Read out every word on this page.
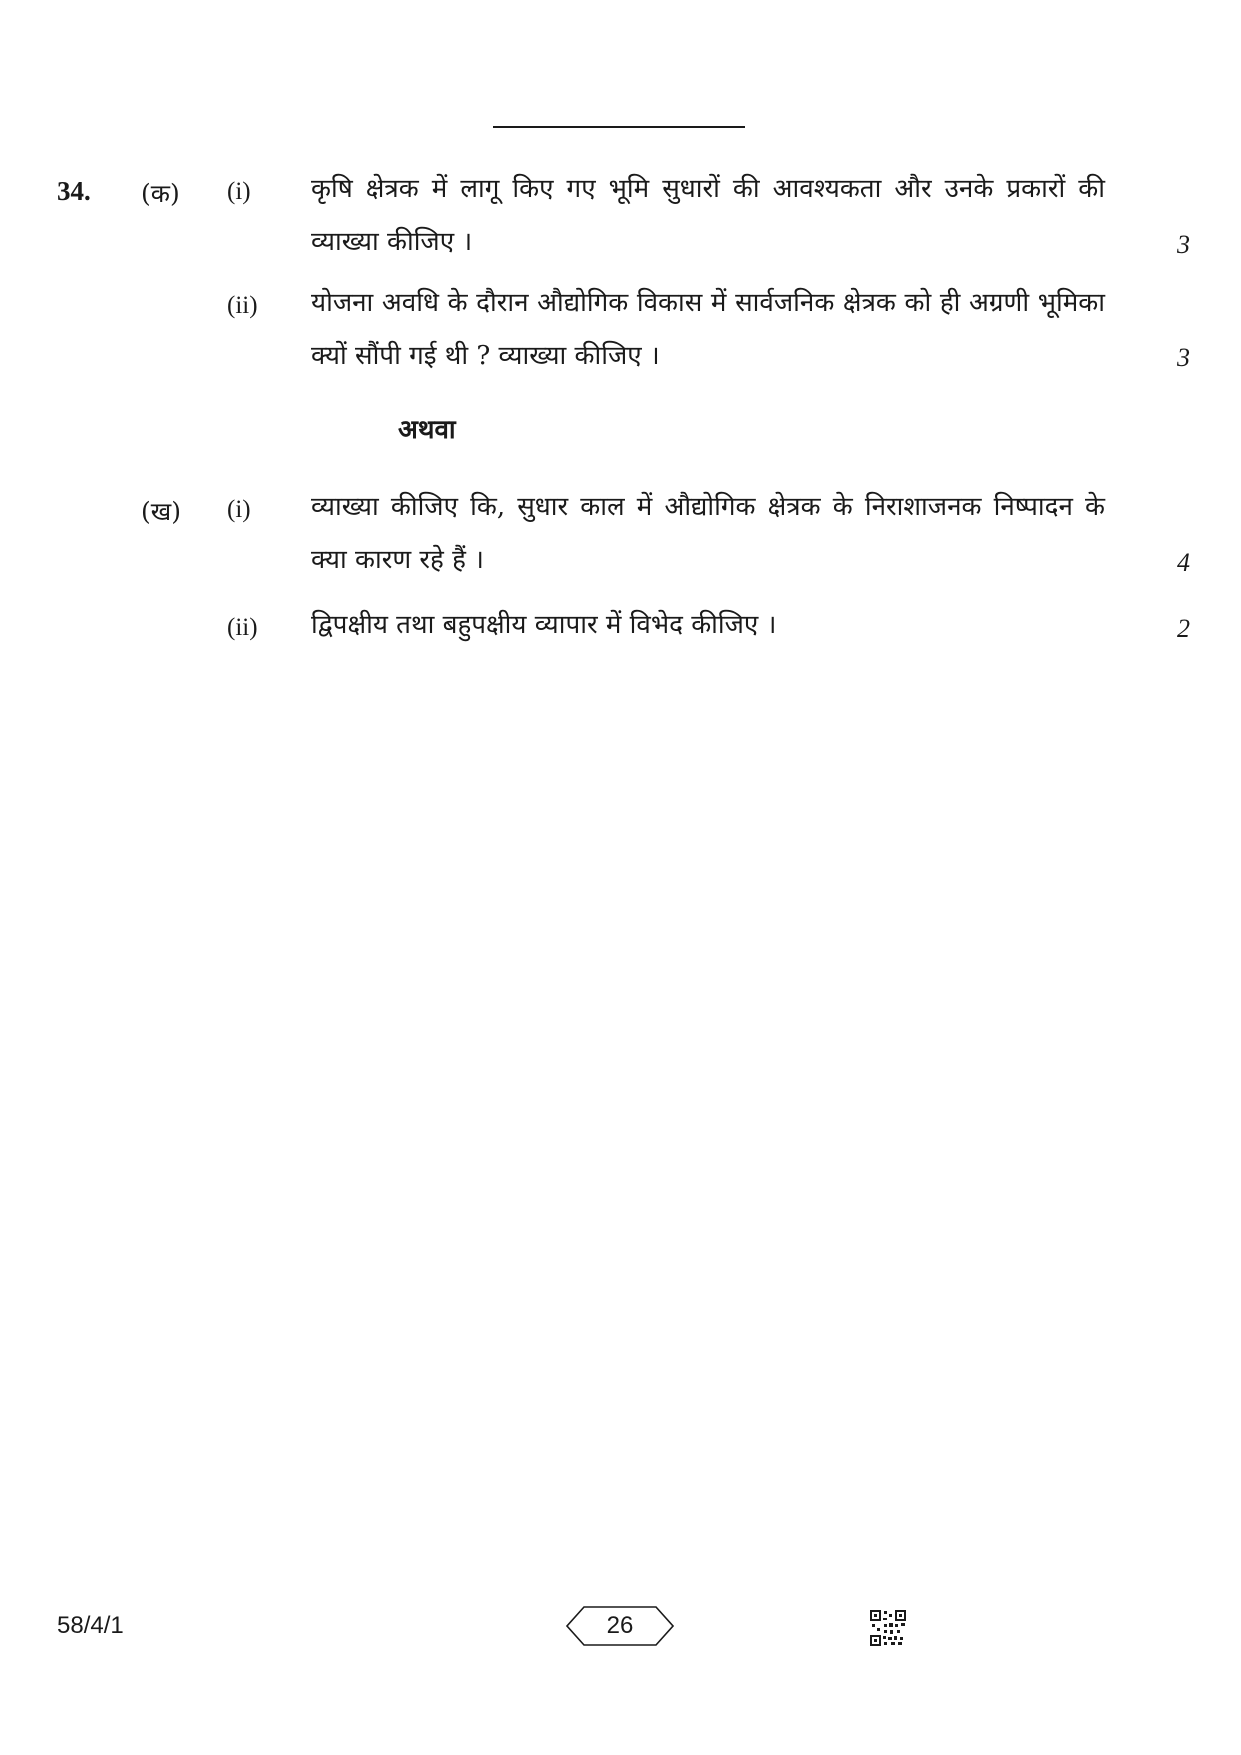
34. (क) (i) कृषि क्षेत्रक में लागू किए गए भूमि सुधारों की आवश्यकता और उनके प्रकारों की व्याख्या कीजिए ।	3
(ii) योजना अवधि के दौरान औद्योगिक विकास में सार्वजनिक क्षेत्रक को ही अग्रणी भूमिका क्यों सौंपी गई थी ? व्याख्या कीजिए ।	3
अथवा
(ख) (i) व्याख्या कीजिए कि, सुधार काल में औद्योगिक क्षेत्रक के निराशाजनक निष्पादन के क्या कारण रहे हैं ।	4
(ii) द्विपक्षीय तथा बहुपक्षीय व्यापार में विभेद कीजिए ।	2
58/4/1	26
